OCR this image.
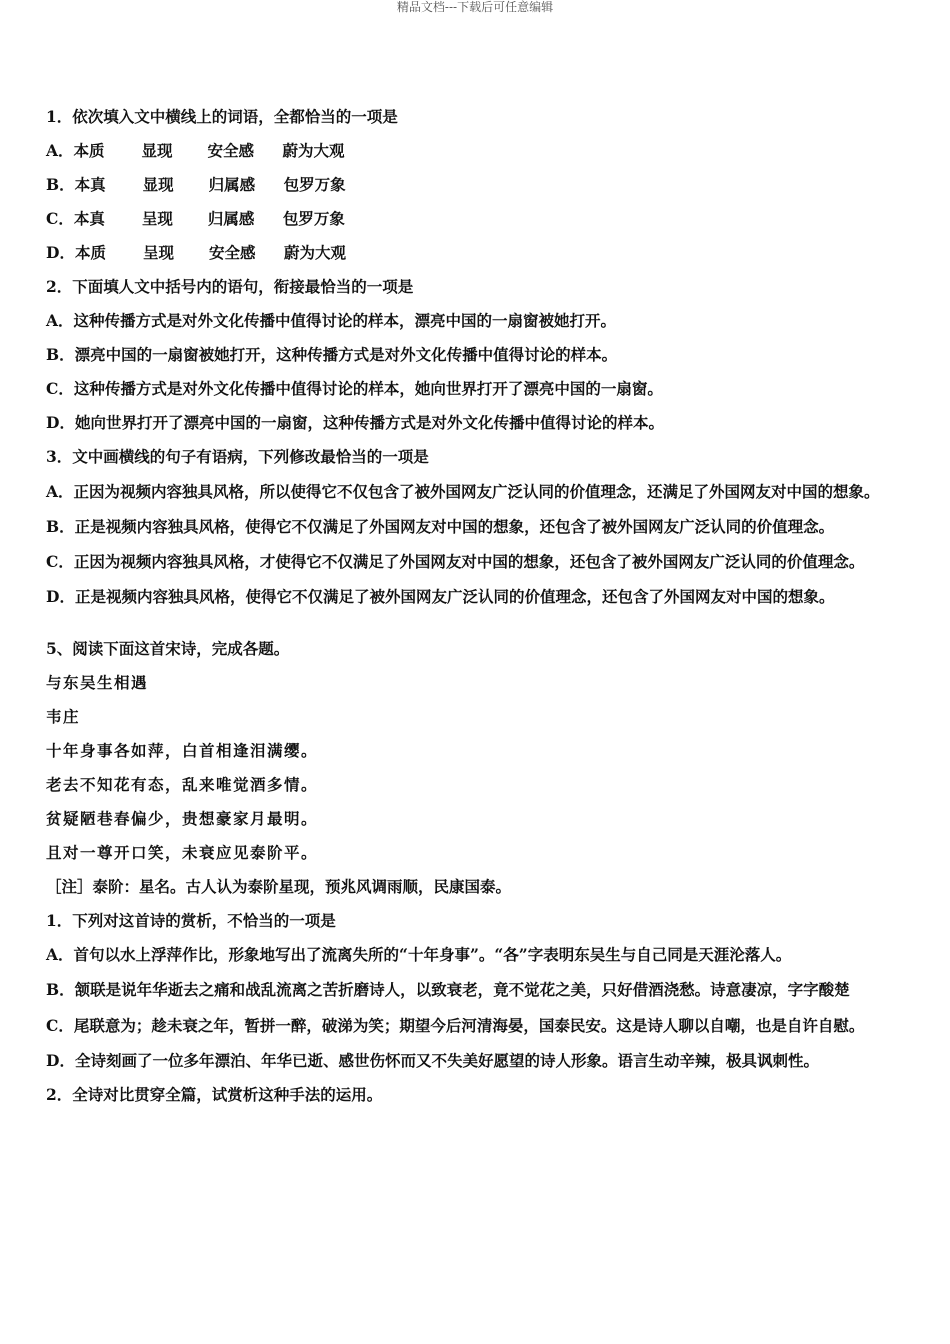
精品文档---下载后可任意编辑
1．依次填入文中横线上的词语，全都恰当的一项是
A．本质 显现 安全感 蔚为大观
B．本真 显现 归属感 包罗万象
C．本真 呈现 归属感 包罗万象
D．本质 呈现 安全感 蔚为大观
2．下面填人文中括号内的语句，衔接最恰当的一项是
A．这种传播方式是对外文化传播中值得讨论的样本，漂亮中国的一扇窗被她打开。
B．漂亮中国的一扇窗被她打开，这种传播方式是对外文化传播中值得讨论的样本。
C．这种传播方式是对外文化传播中值得讨论的样本，她向世界打开了漂亮中国的一扇窗。
D．她向世界打开了漂亮中国的一扇窗，这种传播方式是对外文化传播中值得讨论的样本。
3．文中画横线的句子有语病，下列修改最恰当的一项是
A．正因为视频内容独具风格，所以使得它不仅包含了被外国网友广泛认同的价值理念，还满足了外国网友对中国的想象。
B．正是视频内容独具风格，使得它不仅满足了外国网友对中国的想象，还包含了被外国网友广泛认同的价值理念。
C．正因为视频内容独具风格，才使得它不仅满足了外国网友对中国的想象，还包含了被外国网友广泛认同的价值理念。
D．正是视频内容独具风格，使得它不仅满足了被外国网友广泛认同的价值理念，还包含了外国网友对中国的想象。
5、阅读下面这首宋诗，完成各题。
与东吴生相遇
韦庄
十年身事各如萍，白首相逢泪满缨。
老去不知花有态，乱来唯觉酒多情。
贫疑陋巷春偏少，贵想豪家月最明。
且对一尊开口笑，未衰应见泰阶平。
［注］泰阶：星名。古人认为泰阶星现，预兆风调雨顺，民康国泰。
1．下列对这首诗的赏析，不恰当的一项是
A．首句以水上浮萍作比，形象地写出了流离失所的“十年身事”。“各”字表明东吴生与自己同是天涯沦落人。
B．颔联是说年华逝去之痛和战乱流离之苦折磨诗人，以致衰老，竟不觉花之美，只好借酒浇愁。诗意凄凉，字字酸楚
C．尾联意为；趁未衰之年，暂拼一醉，破涕为笑；期望今后河清海晏，国泰民安。这是诗人聊以自嘲，也是自许自慰。
D．全诗刻画了一位多年漂泊、年华已逝、感世伤怀而又不失美好愿望的诗人形象。语言生动辛辣，极具讽刺性。
2．全诗对比贯穿全篇，试赏析这种手法的运用。
